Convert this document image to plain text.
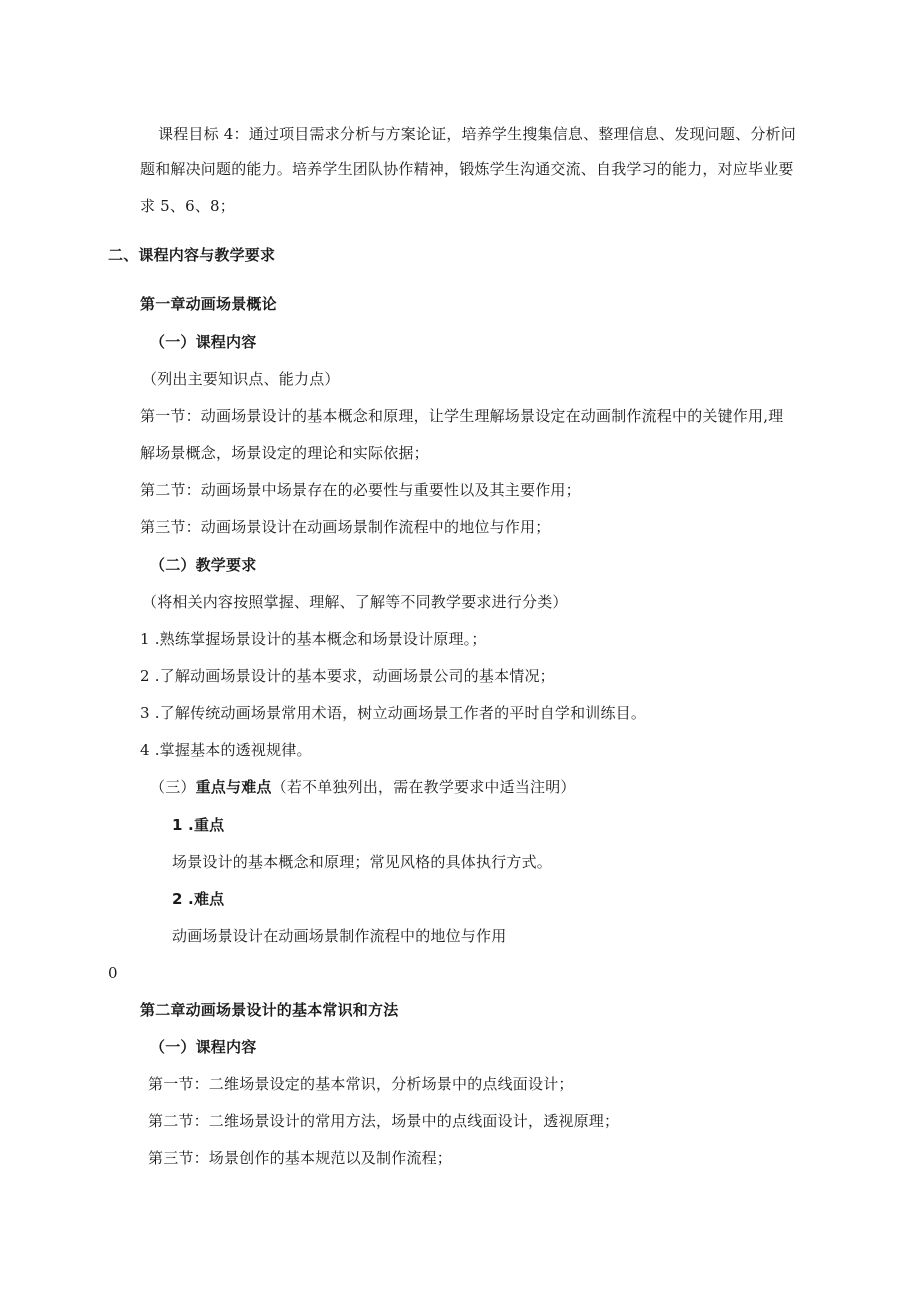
课程目标 4：通过项目需求分析与方案论证，培养学生搜集信息、整理信息、发现问题、分析问
题和解决问题的能力。培养学生团队协作精神，锻炼学生沟通交流、自我学习的能力，对应毕业要
求 5、6、8；
二、课程内容与教学要求
第一章动画场景概论
（一）课程内容
（列出主要知识点、能力点）
第一节：动画场景设计的基本概念和原理，让学生理解场景设定在动画制作流程中的关键作用,理
解场景概念，场景设定的理论和实际依据；
第二节：动画场景中场景存在的必要性与重要性以及其主要作用；
第三节：动画场景设计在动画场景制作流程中的地位与作用；
（二）教学要求
（将相关内容按照掌握、理解、了解等不同教学要求进行分类）
1 .熟练掌握场景设计的基本概念和场景设计原理。；
2 .了解动画场景设计的基本要求，动画场景公司的基本情况；
3 .了解传统动画场景常用术语，树立动画场景工作者的平时自学和训练目。
4 .掌握基本的透视规律。
（三）重点与难点（若不单独列出，需在教学要求中适当注明）
1 .重点
场景设计的基本概念和原理；常见风格的具体执行方式。
2 .难点
动画场景设计在动画场景制作流程中的地位与作用
0
第二章动画场景设计的基本常识和方法
（一）课程内容
第一节：二维场景设定的基本常识，分析场景中的点线面设计；
第二节：二维场景设计的常用方法，场景中的点线面设计，透视原理；
第三节：场景创作的基本规范以及制作流程；
